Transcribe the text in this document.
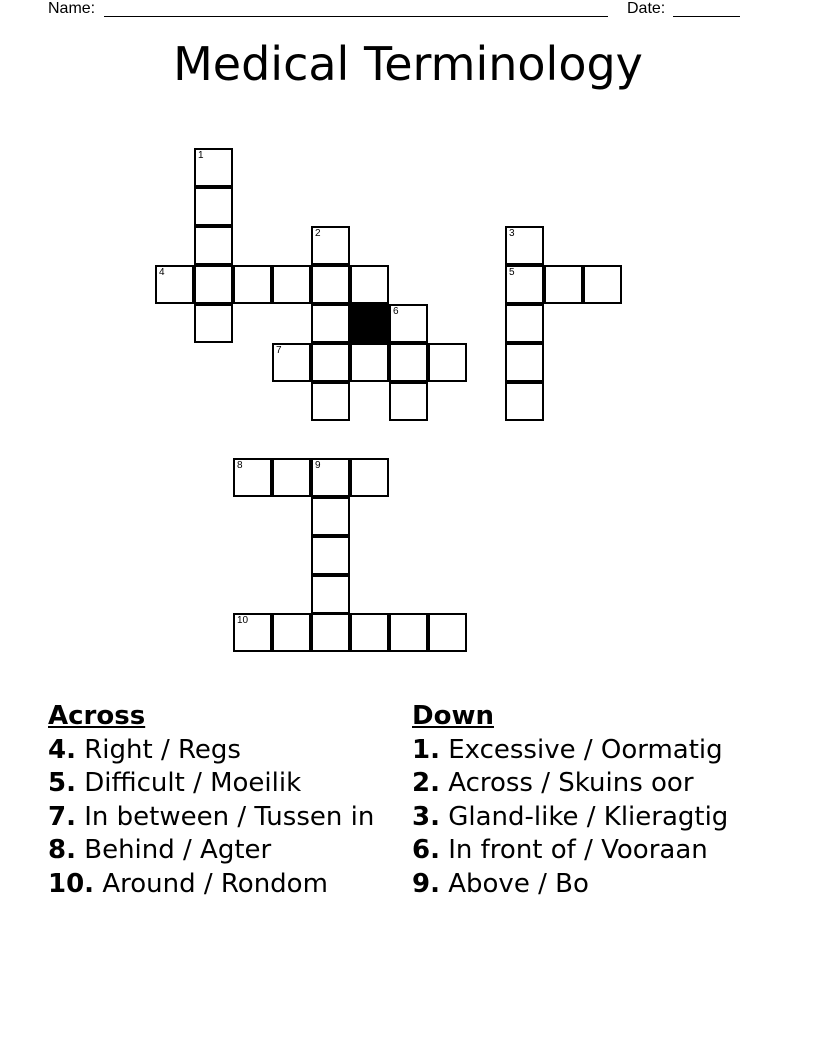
Name:	Date:
Medical Terminology
1
4
2
6
7
3
5
8	9
10
Across
4. Right / Regs
5. Difficult / Moeilik
7. In between / Tussen in
8. Behind / Agter
10. Around / Rondom
Down
1. Excessive / Oormatig
2. Across / Skuins oor
3. Gland-like / Klieragtig
6. In front of / Vooraan
9. Above / Bo
